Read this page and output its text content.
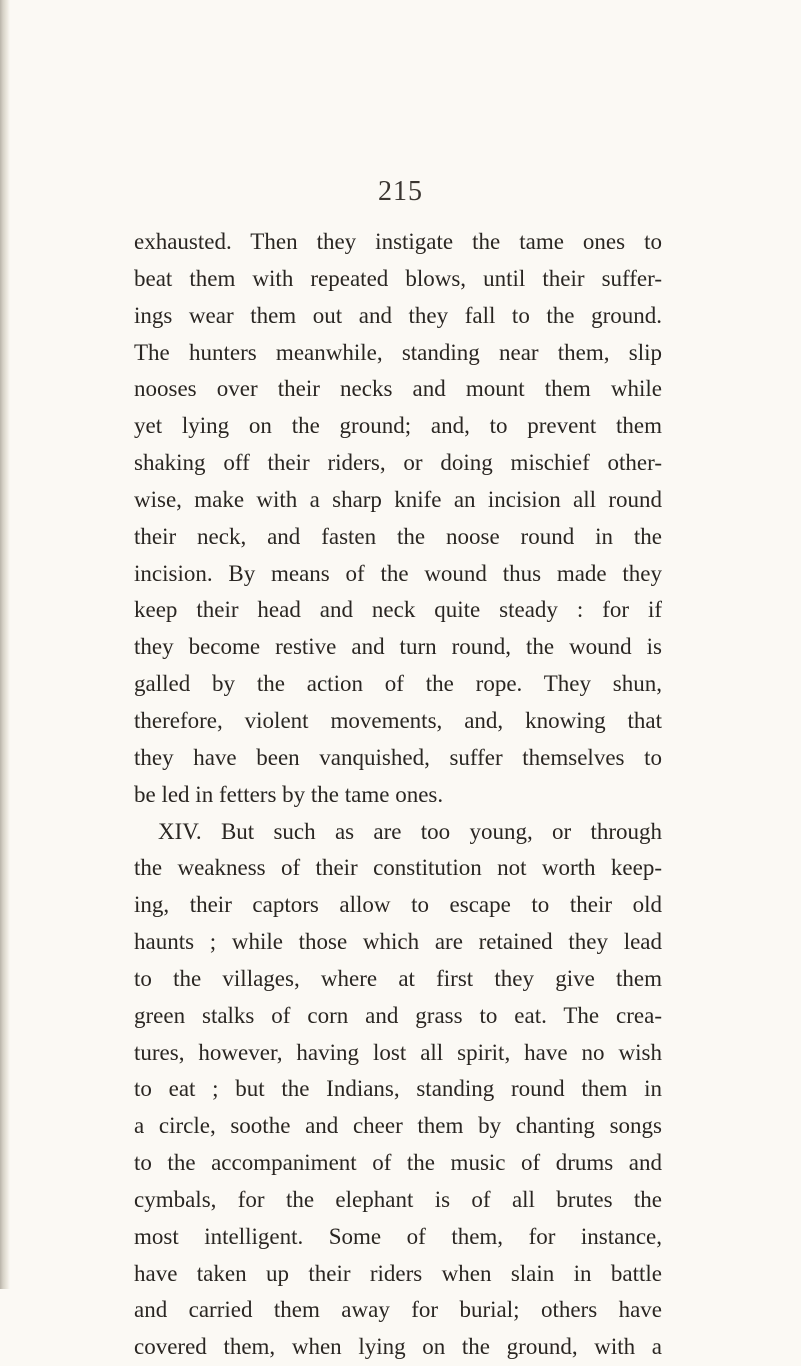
215
exhausted. Then they instigate the tame ones to
beat them with repeated blows, until their suffer-
ings wear them out and they fall to the ground.
The hunters meanwhile, standing near them, slip
nooses over their necks and mount them while
yet lying on the ground; and, to prevent them
shaking off their riders, or doing mischief other-
wise, make with a sharp knife an incision all round
their neck, and fasten the noose round in the
incision. By means of the wound thus made they
keep their head and neck quite steady : for if
they become restive and turn round, the wound is
galled by the action of the rope. They shun,
therefore, violent movements, and, knowing that
they have been vanquished, suffer themselves to
be led in fetters by the tame ones.
XIV. But such as are too young, or through
the weakness of their constitution not worth keep-
ing, their captors allow to escape to their old
haunts ; while those which are retained they lead
to the villages, where at first they give them
green stalks of corn and grass to eat. The crea-
tures, however, having lost all spirit, have no wish
to eat ; but the Indians, standing round them in
a circle, soothe and cheer them by chanting songs
to the accompaniment of the music of drums and
cymbals, for the elephant is of all brutes the
most intelligent. Some of them, for instance,
have taken up their riders when slain in battle
and carried them away for burial; others have
covered them, when lying on the ground, with a
